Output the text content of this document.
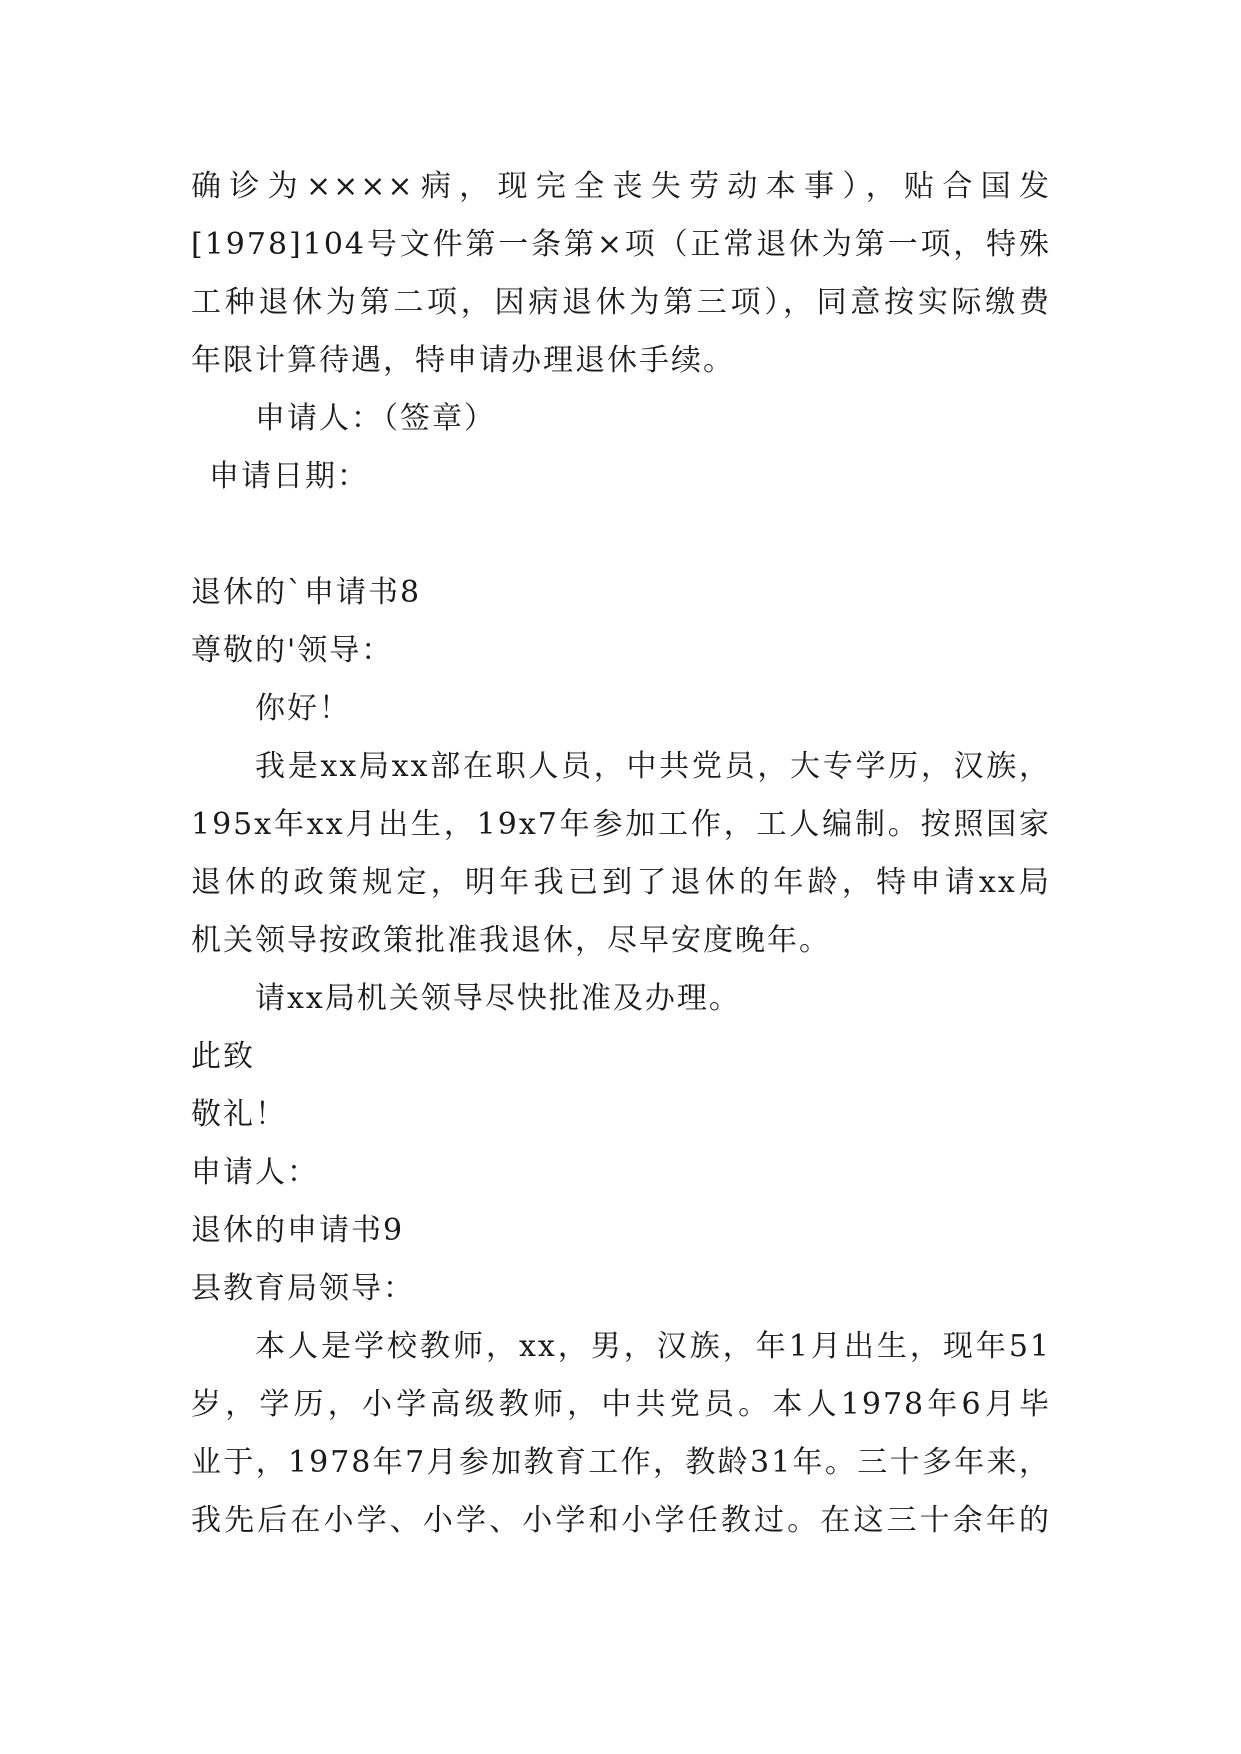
确诊为××××病，现完全丧失劳动本事），贴合国发
[1978]104号文件第一条第×项（正常退休为第一项，特殊
工种退休为第二项，因病退休为第三项），同意按实际缴费
年限计算待遇，特申请办理退休手续。
申请人：（签章）
申请日期：
退休的`申请书8
尊敬的'领导：
你好！
我是xx局xx部在职人员，中共党员，大专学历，汉族，
195x年xx月出生，19x7年参加工作，工人编制。按照国家
退休的政策规定，明年我已到了退休的年龄，特申请xx局
机关领导按政策批准我退休，尽早安度晚年。
请xx局机关领导尽快批准及办理。
此致
敬礼！
申请人：
退休的申请书9
县教育局领导：
本人是学校教师，xx，男，汉族，年1月出生，现年51
岁，学历，小学高级教师，中共党员。本人1978年6月毕
业于，1978年7月参加教育工作，教龄31年。三十多年来，
我先后在小学、小学、小学和小学任教过。在这三十余年的
